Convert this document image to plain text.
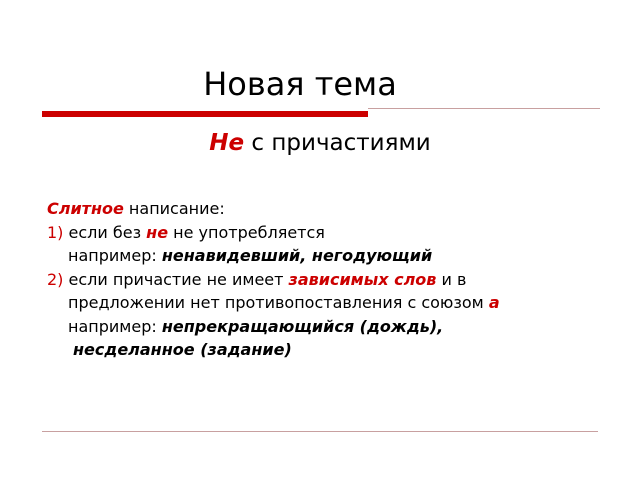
Новая тема
Не с причастиями
Слитное написание:
1) если без не не употребляется
например: ненавидевший, негодующий
2) если причастие не имеет зависимых слов и в
предложении нет противопоставления с союзом а
например: непрекращающийся (дождь),
несделанное (задание)
